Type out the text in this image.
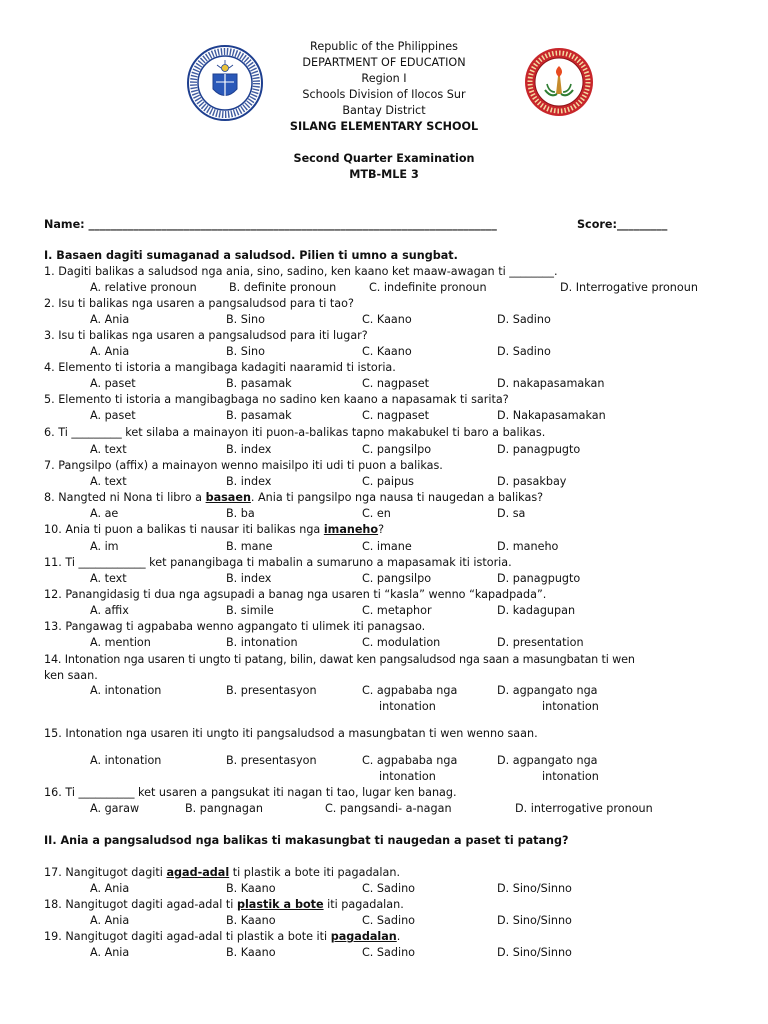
Republic of the Philippines
DEPARTMENT OF EDUCATION
Region I
Schools Division of Ilocos Sur
Bantay District
SILANG ELEMENTARY SCHOOL
Second Quarter Examination
MTB-MLE 3
Name: _________________________________________________________________________	Score:_________
I. Basaen dagiti sumaganad a saludsod. Pilien ti umno a sungbat.
1. Dagiti balikas a saludsod nga ania, sino, sadino, ken kaano ket maaw-awagan ti ________.
A. relative pronoun	B. definite pronoun	C. indefinite pronoun	D. Interrogative pronoun
2. Isu ti balikas nga usaren a pangsaludsod para ti tao?
A. Ania	B. Sino	C. Kaano	D. Sadino
3. Isu ti balikas nga usaren a pangsaludsod para iti lugar?
A. Ania	B. Sino	C. Kaano	D. Sadino
4. Elemento ti istoria a mangibaga kadagiti naaramid ti istoria.
A. paset	B. pasamak	C. nagpaset	D. nakapasamakan
5. Elemento ti istoria a mangibagbaga no sadino ken kaano a napasamak ti sarita?
A. paset	B. pasamak	C. nagpaset	D. Nakapasamakan
6. Ti _________ ket silaba a mainayon iti puon-a-balikas tapno makabukel ti baro a balikas.
A. text	B. index	C. pangsilpo	D. panagpugto
7. Pangsilpo (affix) a mainayon wenno maisilpo iti udi ti puon a balikas.
A. text	B. index	C. paipus	D. pasakbay
8. Nangted ni Nona ti libro a basaen. Ania ti pangsilpo nga nausa ti naugedan a balikas?
A. ae	B. ba	C. en	D. sa
10. Ania ti puon a balikas ti nausar iti balikas nga imaneho?
A. im	B. mane	C. imane	D. maneho
11. Ti ____________ ket panangibaga ti mabalin a sumaruno a mapasamak iti istoria.
A. text	B. index	C. pangsilpo	D. panagpugto
12. Panangidasig ti dua nga agsupadi a banag nga usaren ti “kasla” wenno “kapadpada”.
A. affix	B. simile	C. metaphor	D. kadagupan
13. Pangawag ti agpababa wenno agpangato ti ulimek iti panagsao.
A. mention	B. intonation	C. modulation	D. presentation
14. Intonation nga usaren ti ungto ti patang, bilin, dawat ken pangsaludsod nga saan a masungbatan ti wen
ken saan.
A. intonation	B. presentasyon	C. agpababa nga
intonation
D. agpangato nga
intonation
15. Intonation nga usaren iti ungto iti pangsaludsod a masungbatan ti wen wenno saan.
A. intonation	B. presentasyon	C. agpababa nga
intonation
D. agpangato nga
intonation
16. Ti __________ ket usaren a pangsukat iti nagan ti tao, lugar ken banag.
A. garaw	B. pangnagan	C. pangsandi- a-nagan	D. interrogative pronoun
II. Ania a pangsaludsod nga balikas ti makasungbat ti naugedan a paset ti patang?
17. Nangitugot dagiti agad-adal ti plastik a bote iti pagadalan.
A. Ania	B. Kaano	C. Sadino	D. Sino/Sinno
18. Nangitugot dagiti agad-adal ti plastik a bote iti pagadalan.
A. Ania	B. Kaano	C. Sadino	D. Sino/Sinno
19. Nangitugot dagiti agad-adal ti plastik a bote iti pagadalan.
A. Ania	B. Kaano	C. Sadino	D. Sino/Sinno
